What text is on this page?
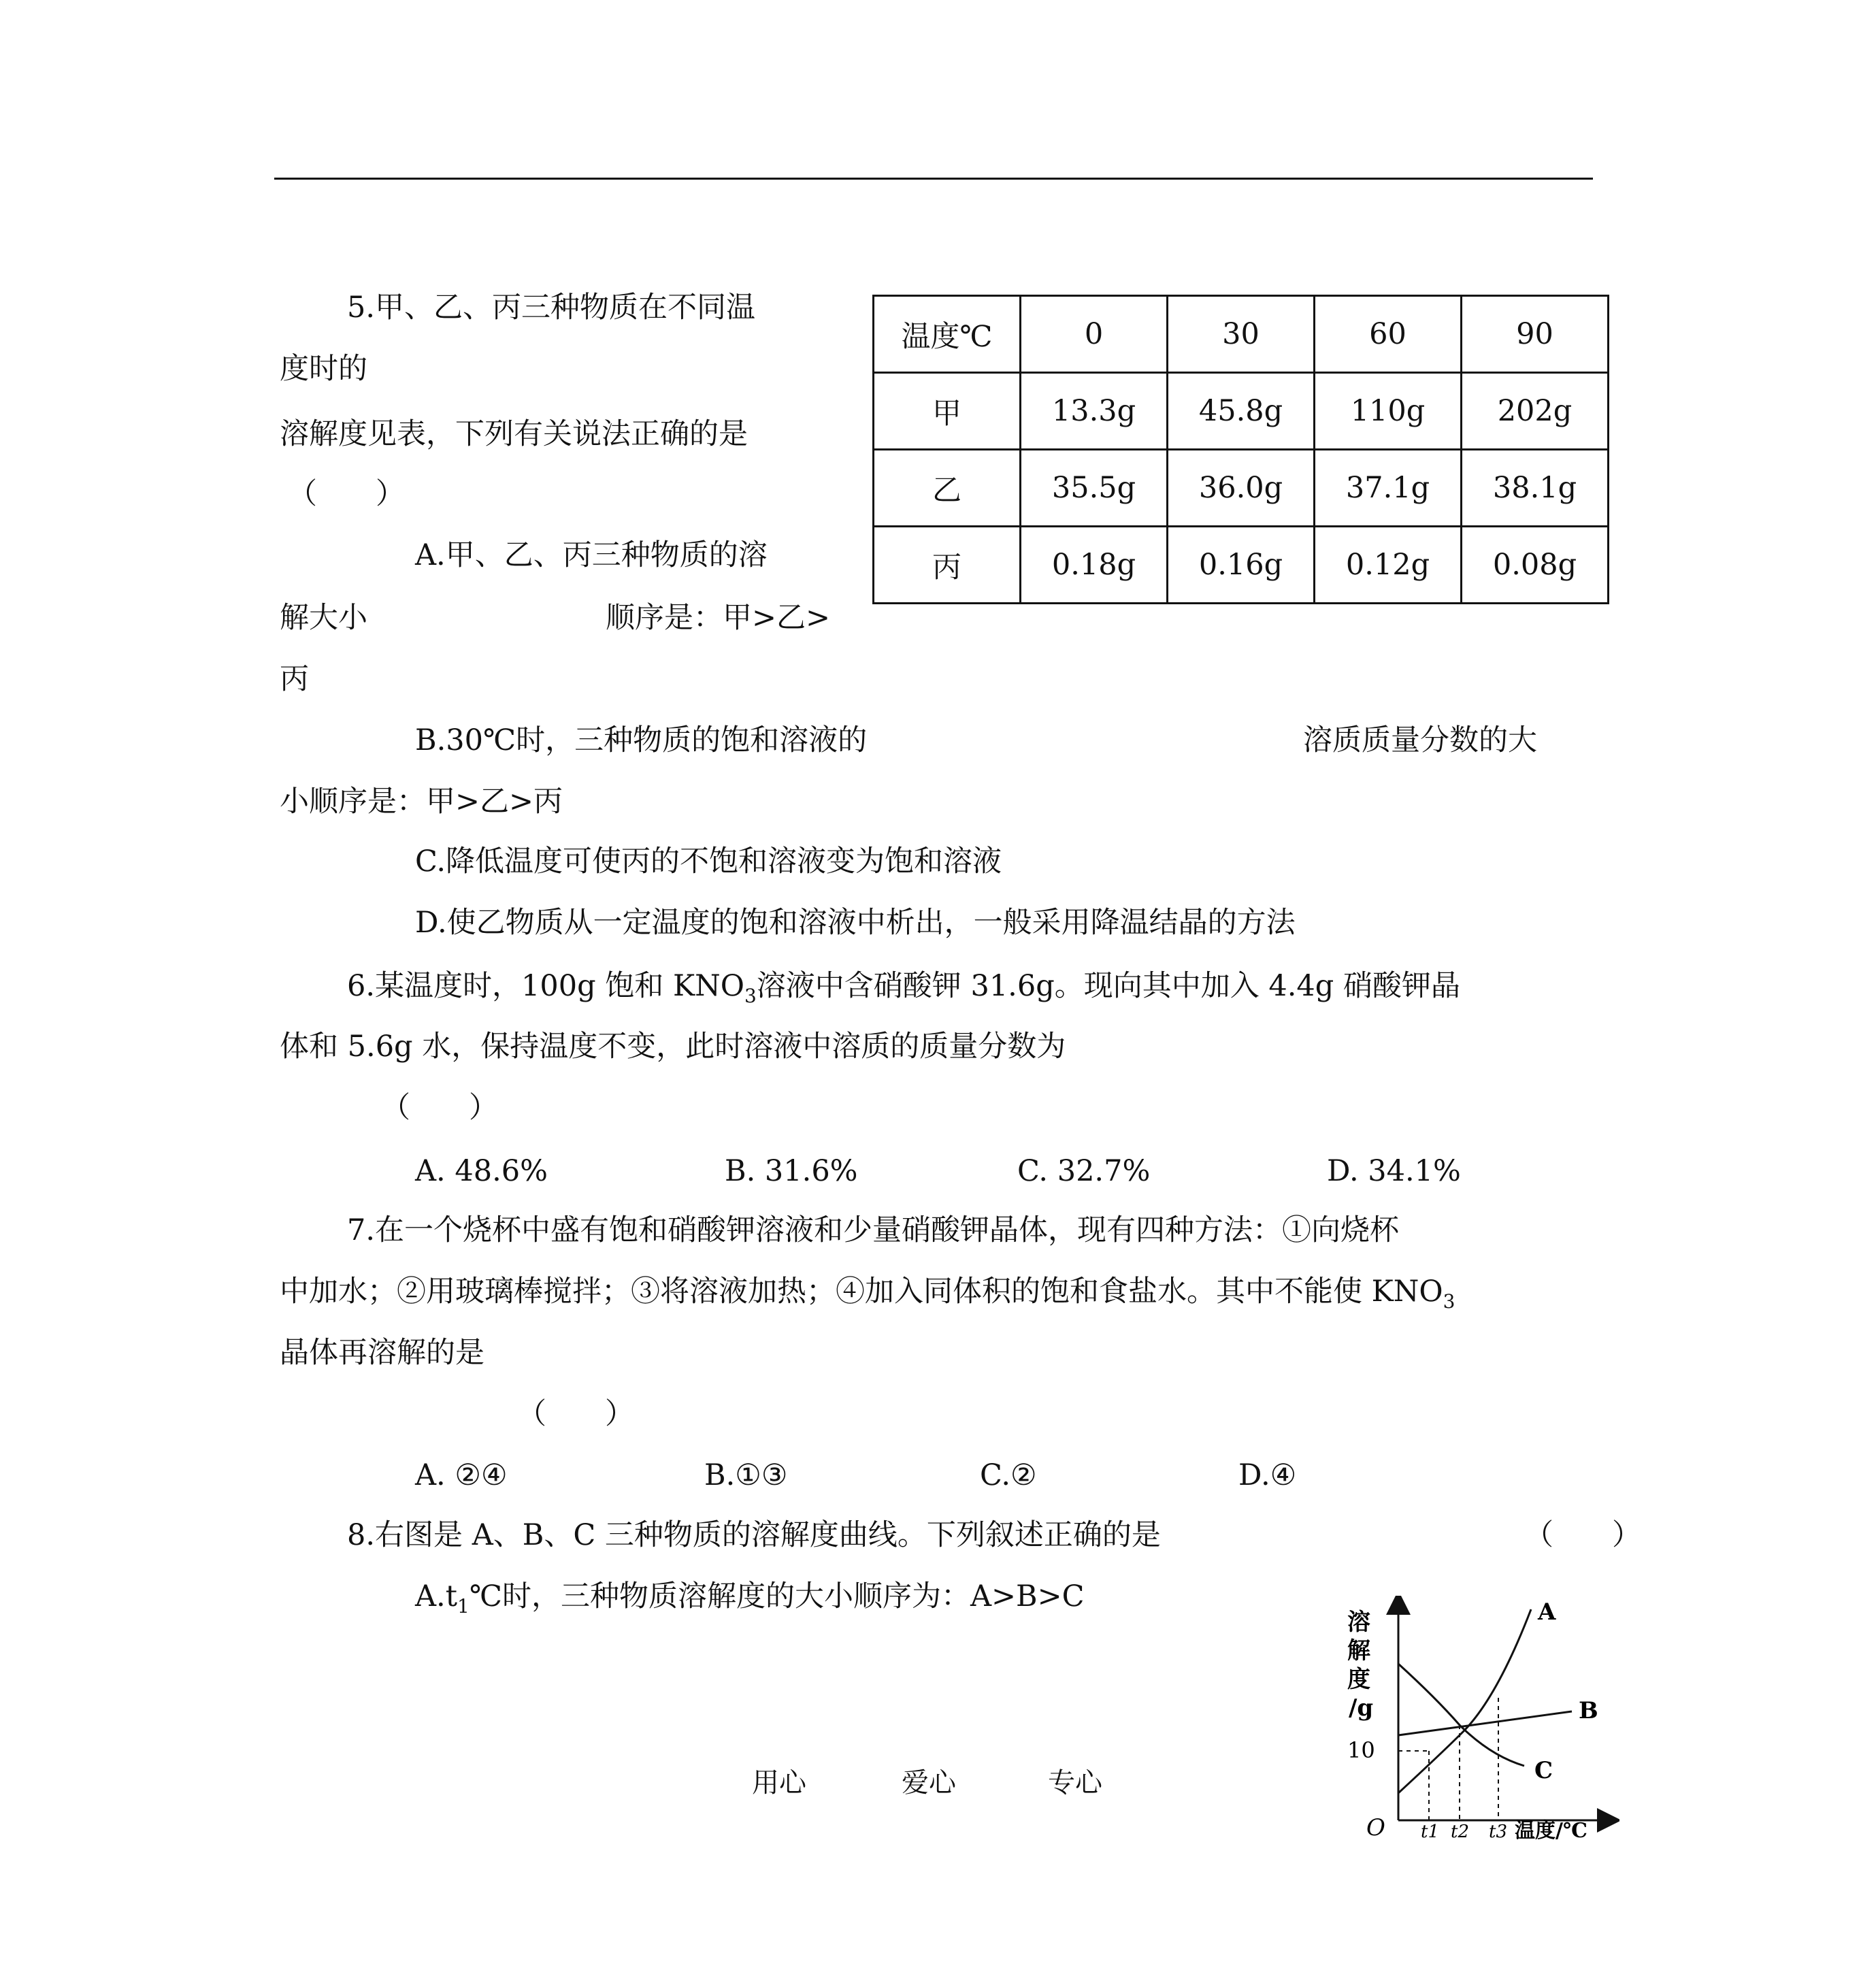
5.甲、乙、丙三种物质在不同温
度时的
溶解度见表，下列有关说法正确的是
（　　）
A.甲、乙、丙三种物质的溶
解大小	顺序是：甲>乙>
丙
B.30℃时，三种物质的饱和溶液的	溶质质量分数的大
小顺序是：甲>乙>丙
C.降低温度可使丙的不饱和溶液变为饱和溶液
D.使乙物质从一定温度的饱和溶液中析出，一般采用降温结晶的方法
温度℃	0	30	60	90
甲	13.3g	45.8g	110g	202g
乙	35.5g	36.0g	37.1g	38.1g
丙	0.18g	0.16g	0.12g	0.08g
6.某温度时，100g 饱和 $KNO_3$溶液中含硝酸钾 31.6g。现向其中加入 4.4g 硝酸钾晶
体和 5.6g 水，保持温度不变，此时溶液中溶质的质量分数为
（　　）
A. 48.6%	B. 31.6%	C. 32.7%	D. 34.1%
7.在一个烧杯中盛有饱和硝酸钾溶液和少量硝酸钾晶体，现有四种方法：①向烧杯
中加水；②用玻璃棒搅拌；③将溶液加热；④加入同体积的饱和食盐水。其中不能使 $KNO_3$
晶体再溶解的是
（　　）
A. ②④	B.①③	C.②	D.④
8.右图是 A、B、C 三种物质的溶解度曲线。下列叙述正确的是	（　　）
$A.t_1℃$时，三种物质溶解度的大小顺序为：A>B>C
溶
解
度
/g
10
O
A
B
C
t1 t2 t3 温度/℃
用心	爱心	专心
